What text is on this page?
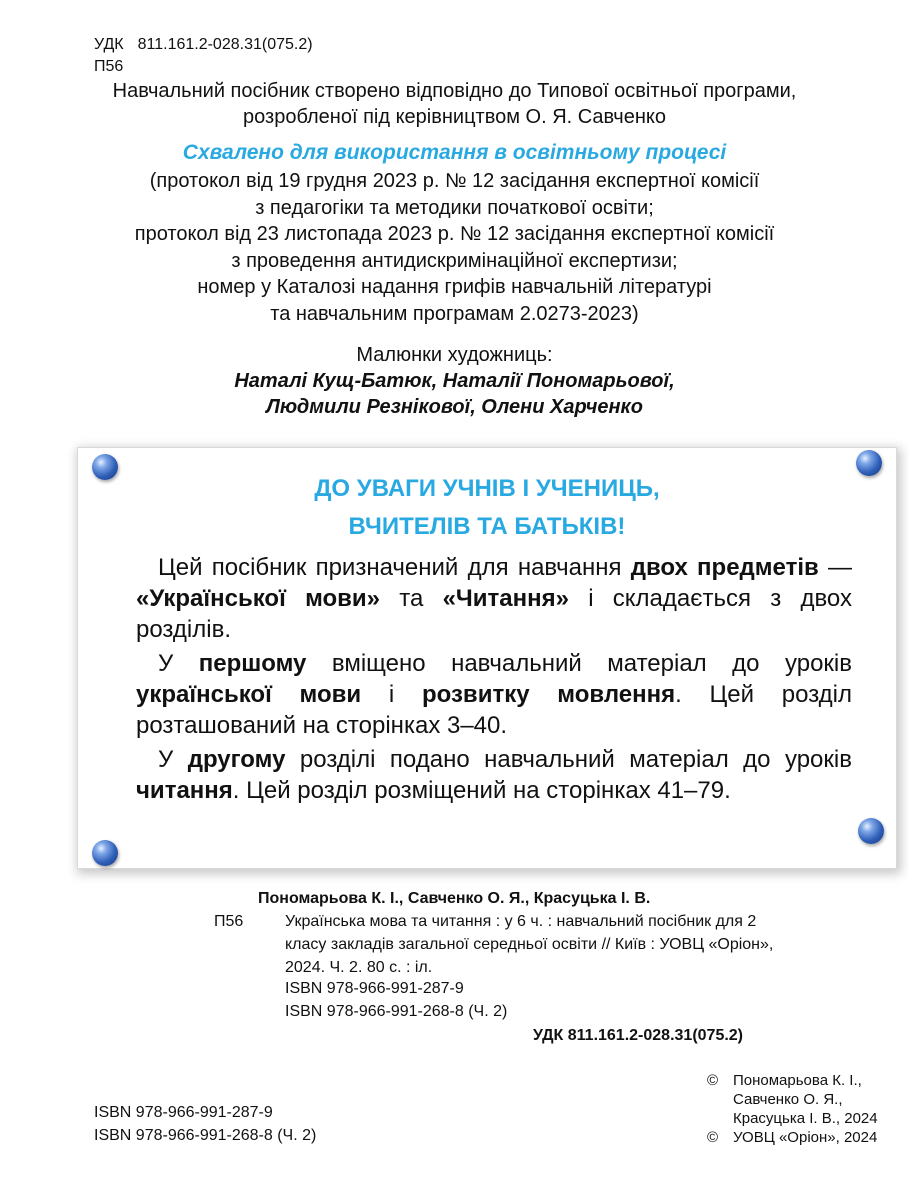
УДК 811.161.2-028.31(075.2)
П56
Навчальний посібник створено відповідно до Типової освітньої програми,
розробленої під керівництвом О. Я. Савченко
Схвалено для використання в освітньому процесі
(протокол від 19 грудня 2023 р. № 12 засідання експертної комісії
з педагогіки та методики початкової освіти;
протокол від 23 листопада 2023 р. № 12 засідання експертної комісії
з проведення антидискримінаційної експертизи;
номер у Каталозі надання грифів навчальній літературі
та навчальним програмам 2.0273-2023)
Малюнки художниць:
Наталі Кущ-Батюк, Наталії Пономарьової,
Людмили Резнікової, Олени Харченко
ДО УВАГИ УЧНІВ І УЧЕНИЦЬ,
ВЧИТЕЛІВ ТА БАТЬКІВ!
Цей посібник призначений для навчання двох предметів — «Української мови» та «Читання» і складається з двох розділів.
У першому вміщено навчальний матеріал до уроків української мови і розвитку мовлення. Цей розділ розташований на сторінках 3–40.
У другому розділі подано навчальний матеріал до уроків читання. Цей розділ розміщений на сторінках 41–79.
Пономарьова К. І., Савченко О. Я., Красуцька І. В.
П56	Українська мова та читання : у 6 ч. : навчальний посібник для 2 класу закладів загальної середньої освіти // Київ : УОВЦ «Оріон», 2024. Ч. 2. 80 с. : іл.
ISBN 978-966-991-287-9
ISBN 978-966-991-268-8 (Ч. 2)
УДК 811.161.2-028.31(075.2)
ISBN 978-966-991-287-9
ISBN 978-966-991-268-8 (Ч. 2)
© Пономарьова К. І.,
Савченко О. Я.,
Красуцька І. В., 2024
© УОВЦ «Оріон», 2024
